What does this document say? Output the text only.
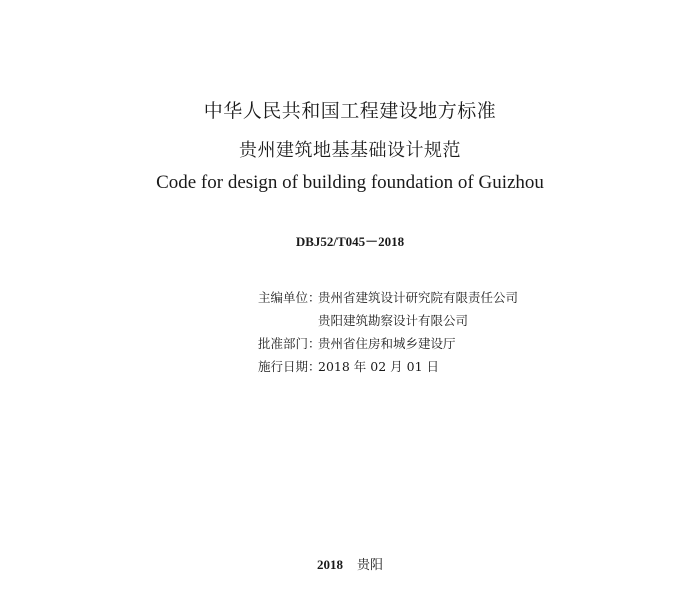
中华人民共和国工程建设地方标准
贵州建筑地基基础设计规范
Code for design of building foundation of Guizhou
DBJ52/T045－2018
主编单位：
贵州省建筑设计研究院有限责任公司
贵阳建筑勘察设计有限公司
批准部门：
贵州省住房和城乡建设厅
施行日期：
2018 年 02 月 01 日
2018 贵阳
